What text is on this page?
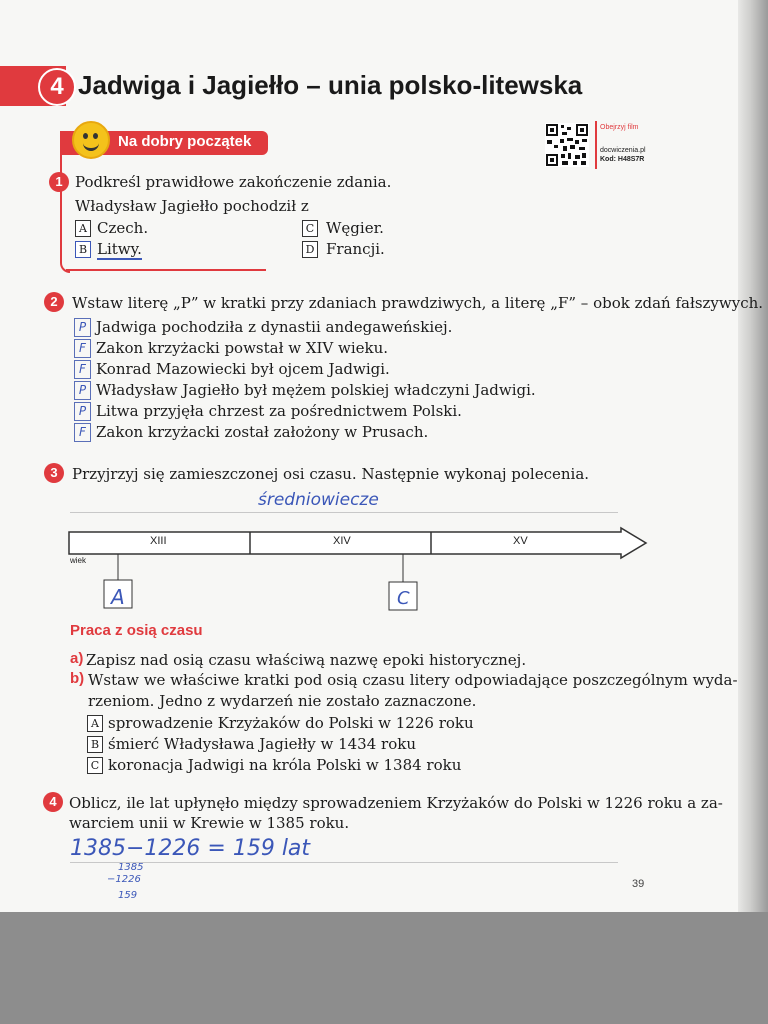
4 Jadwiga i Jagiełło – unia polsko-litewska
Na dobry początek
Obejrzyj film
docwiczenia.pl
Kod: H48S7R
1 Podkreśl prawidłowe zakończenie zdania.
Władysław Jagiełło pochodził z
A Czech.
B Litwy.
C Węgier.
D Francji.
2 Wstaw literę „P” w kratki przy zdaniach prawdziwych, a literę „F” – obok zdań fałszywych.
P Jadwiga pochodziła z dynastii andegaweńskiej.
F Zakon krzyżacki powstał w XIV wieku.
F Konrad Mazowiecki był ojcem Jadwigi.
P Władysław Jagiełło był mężem polskiej władczyni Jadwigi.
P Litwa przyjęła chrzest za pośrednictwem Polski.
F Zakon krzyżacki został założony w Prusach.
3 Przyjrzyj się zamieszczonej osi czasu. Następnie wykonaj polecenia.
średniowiecze
XIII	XIV	XV
wiek
A	C
Praca z osią czasu
a) Zapisz nad osią czasu właściwą nazwę epoki historycznej.
b) Wstaw we właściwe kratki pod osią czasu litery odpowiadające poszczególnym wyda-
rzeniom. Jedno z wydarzeń nie zostało zaznaczone.
A sprowadzenie Krzyżaków do Polski w 1226 roku
B śmierć Władysława Jagiełły w 1434 roku
C koronacja Jadwigi na króla Polski w 1384 roku
4 Oblicz, ile lat upłynęło między sprowadzeniem Krzyżaków do Polski w 1226 roku a za-
warciem unii w Krewie w 1385 roku.
1385−1226 = 159 lat
1385
−1226
159
39
